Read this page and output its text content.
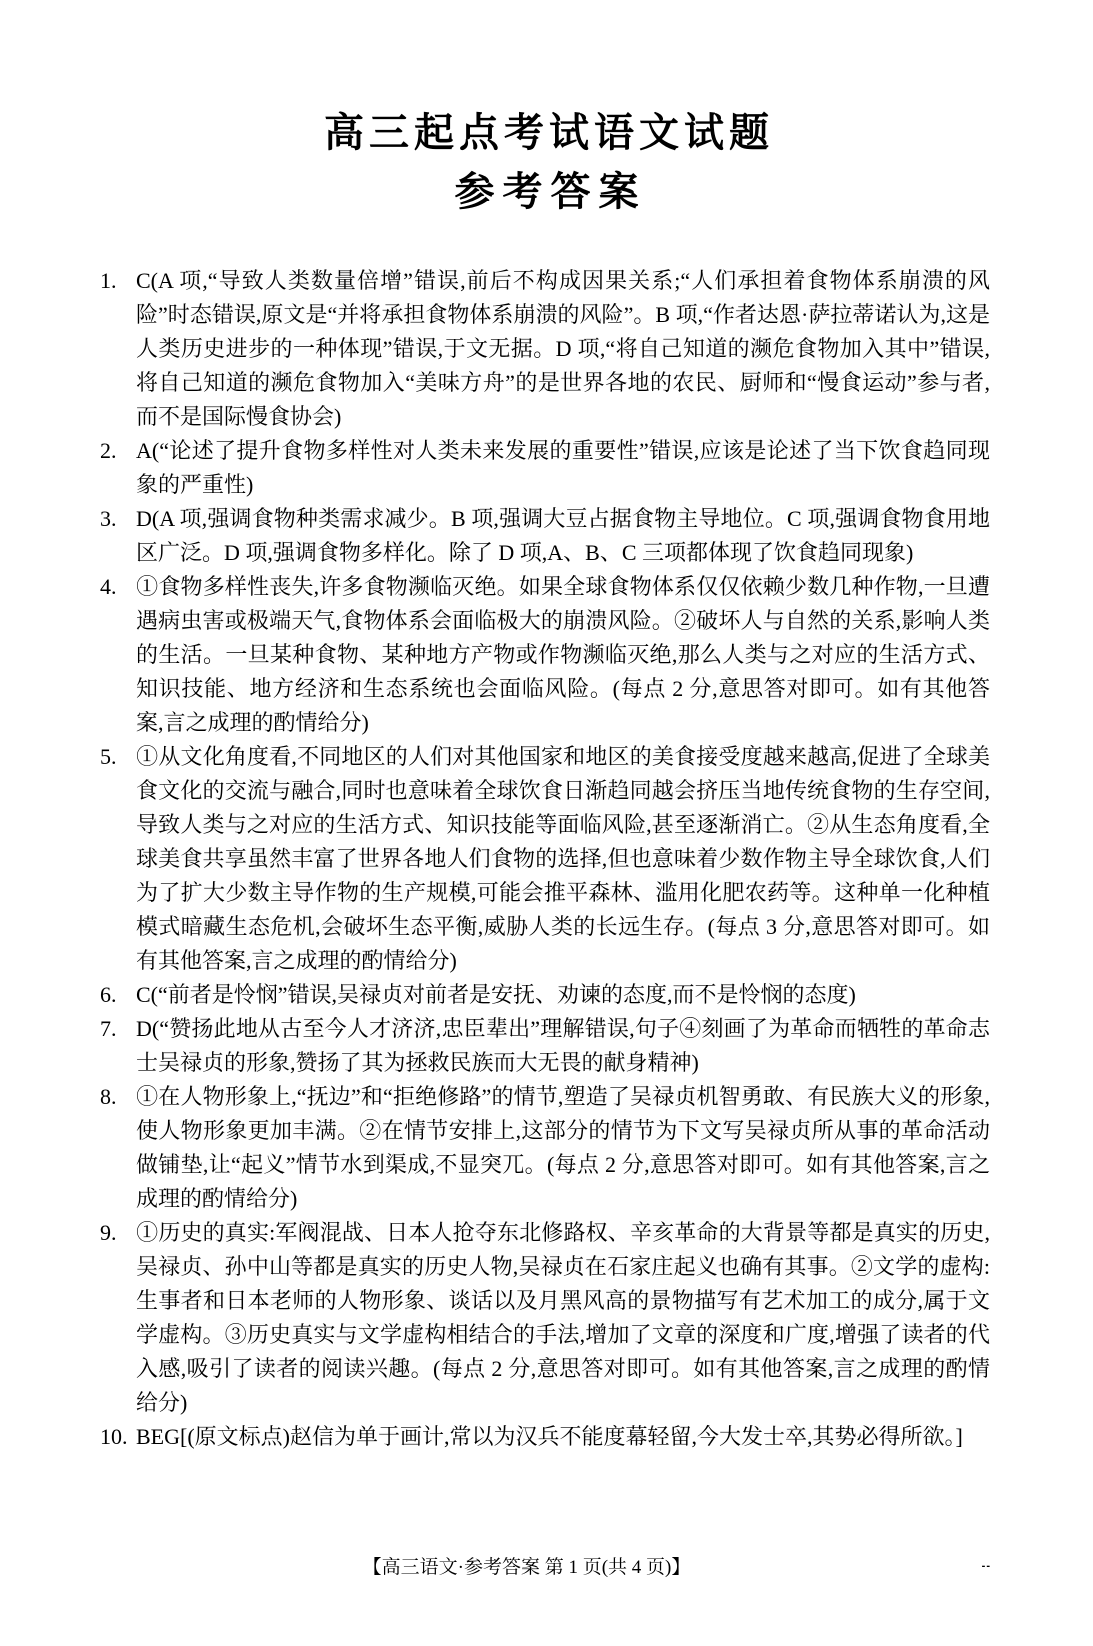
高三起点考试语文试题
参考答案
1. C(A 项,“导致人类数量倍增”错误,前后不构成因果关系;“人们承担着食物体系崩溃的风险”时态错误,原文是“并将承担食物体系崩溃的风险”。B 项,“作者达恩·萨拉蒂诺认为,这是人类历史进步的一种体现”错误,于文无据。D 项,“将自己知道的濒危食物加入其中”错误,将自己知道的濒危食物加入“美味方舟”的是世界各地的农民、厨师和“慢食运动”参与者,而不是国际慢食协会)
2. A(“论述了提升食物多样性对人类未来发展的重要性”错误,应该是论述了当下饮食趋同现象的严重性)
3. D(A 项,强调食物种类需求减少。B 项,强调大豆占据食物主导地位。C 项,强调食物食用地区广泛。D 项,强调食物多样化。除了 D 项,A、B、C 三项都体现了饮食趋同现象)
4. ①食物多样性丧失,许多食物濒临灭绝。如果全球食物体系仅仅依赖少数几种作物,一旦遭遇病虫害或极端天气,食物体系会面临极大的崩溃风险。②破坏人与自然的关系,影响人类的生活。一旦某种食物、某种地方产物或作物濒临灭绝,那么人类与之对应的生活方式、知识技能、地方经济和生态系统也会面临风险。(每点 2 分,意思答对即可。如有其他答案,言之成理的酌情给分)
5. ①从文化角度看,不同地区的人们对其他国家和地区的美食接受度越来越高,促进了全球美食文化的交流与融合,同时也意味着全球饮食日渐趋同越会挤压当地传统食物的生存空间,导致人类与之对应的生活方式、知识技能等面临风险,甚至逐渐消亡。②从生态角度看,全球美食共享虽然丰富了世界各地人们食物的选择,但也意味着少数作物主导全球饮食,人们为了扩大少数主导作物的生产规模,可能会推平森林、滥用化肥农药等。这种单一化种植模式暗藏生态危机,会破坏生态平衡,威胁人类的长远生存。(每点 3 分,意思答对即可。如有其他答案,言之成理的酌情给分)
6. C(“前者是怜悯”错误,吴禄贞对前者是安抚、劝谏的态度,而不是怜悯的态度)
7. D(“赞扬此地从古至今人才济济,忠臣辈出”理解错误,句子④刻画了为革命而牺牲的革命志士吴禄贞的形象,赞扬了其为拯救民族而大无畏的献身精神)
8. ①在人物形象上,“抚边”和“拒绝修路”的情节,塑造了吴禄贞机智勇敢、有民族大义的形象,使人物形象更加丰满。②在情节安排上,这部分的情节为下文写吴禄贞所从事的革命活动做铺垫,让“起义”情节水到渠成,不显突兀。(每点 2 分,意思答对即可。如有其他答案,言之成理的酌情给分)
9. ①历史的真实:军阀混战、日本人抢夺东北修路权、辛亥革命的大背景等都是真实的历史,吴禄贞、孙中山等都是真实的历史人物,吴禄贞在石家庄起义也确有其事。②文学的虚构:生事者和日本老师的人物形象、谈话以及月黑风高的景物描写有艺术加工的成分,属于文学虚构。③历史真实与文学虚构相结合的手法,增加了文章的深度和广度,增强了读者的代入感,吸引了读者的阅读兴趣。(每点 2 分,意思答对即可。如有其他答案,言之成理的酌情给分)
10. BEG[(原文标点)赵信为单于画计,常以为汉兵不能度幕轻留,今大发士卒,其势必得所欲。]
【高三语文·参考答案 第 1 页(共 4 页)】	--
